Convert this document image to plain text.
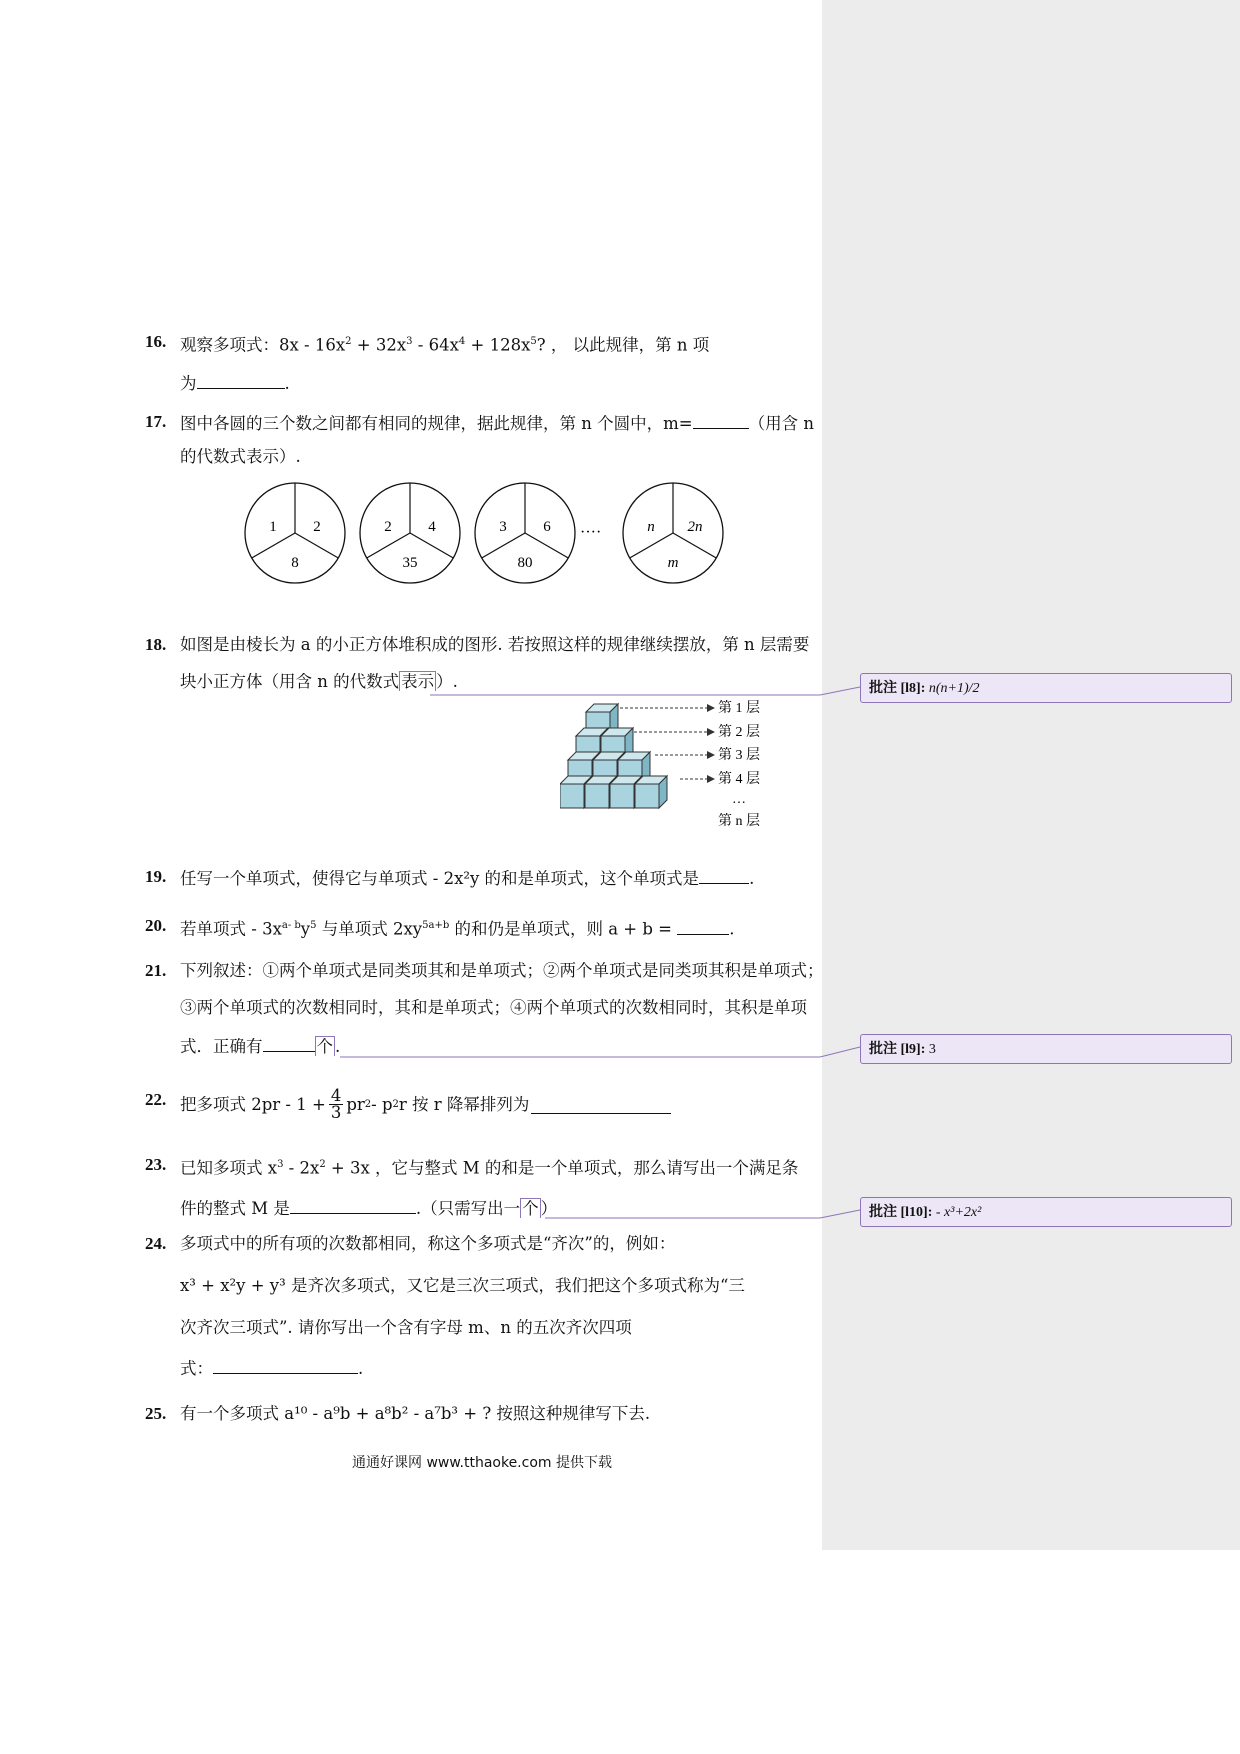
16. 观察多项式：$8x - 16x^2 + 32x^3 - 64x^4 + 128x^5$? ， 以此规律，第 n 项
为	.
17. 图中各圆的三个数之间都有相同的规律，据此规律，第 n 个圆中，m=	（用含 n
的代数式表示）.
1 2
8
2 4
35
3 6
80
n 2n
m
····
18. 如图是由棱长为 a 的小正方体堆积成的图形. 若按照这样的规律继续摆放，第 n 层需要
块小正方体（用含 n 的代数式 表示 ）.
第 1 层
第 2 层
第 3 层
第 4 层
…
第 n 层
19. 任写一个单项式，使得它与单项式 - 2x²y 的和是单项式，这个单项式是	.
20. 若单项式 - $3x^{a- b}y^5$ 与单项式 $2xy^{5a+b}$ 的和仍是单项式，则 a + b =	.
21. 下列叙述：①两个单项式是同类项其和是单项式；②两个单项式是同类项其积是单项式；
③两个单项式的次数相同时，其和是单项式；④两个单项式的次数相同时，其积是单项
式．正确有	个 .
22. 把多项式 $2pr - 1 + \frac{4}{3}$ pr 2 - p 2 r 按 r 降幂排列为
23. 已知多项式 $x^3 - 2x^2 + 3x$ ，它与整式 M 的和是一个单项式，那么请写出一个满足条
件的整式 M 是	.（只需写出一 个 ）
24. 多项式中的所有项的次数都相同，称这个多项式是“齐次”的，例如：
x³ + x²y + y³ 是齐次多项式，又它是三次三项式，我们把这个多项式称为“三
次齐次三项式”. 请你写出一个含有字母 m、n 的五次齐次四项
式：	.
25. 有一个多项式 a¹⁰ - a⁹b + a⁸b² - a⁷b³ + ? 按照这种规律写下去.
通通好课网 www.tthaoke.com 提供下载
批注 [l8]: n(n+1)/2
批注 [l9]: 3
批注 [l10]: - x³+2x²
